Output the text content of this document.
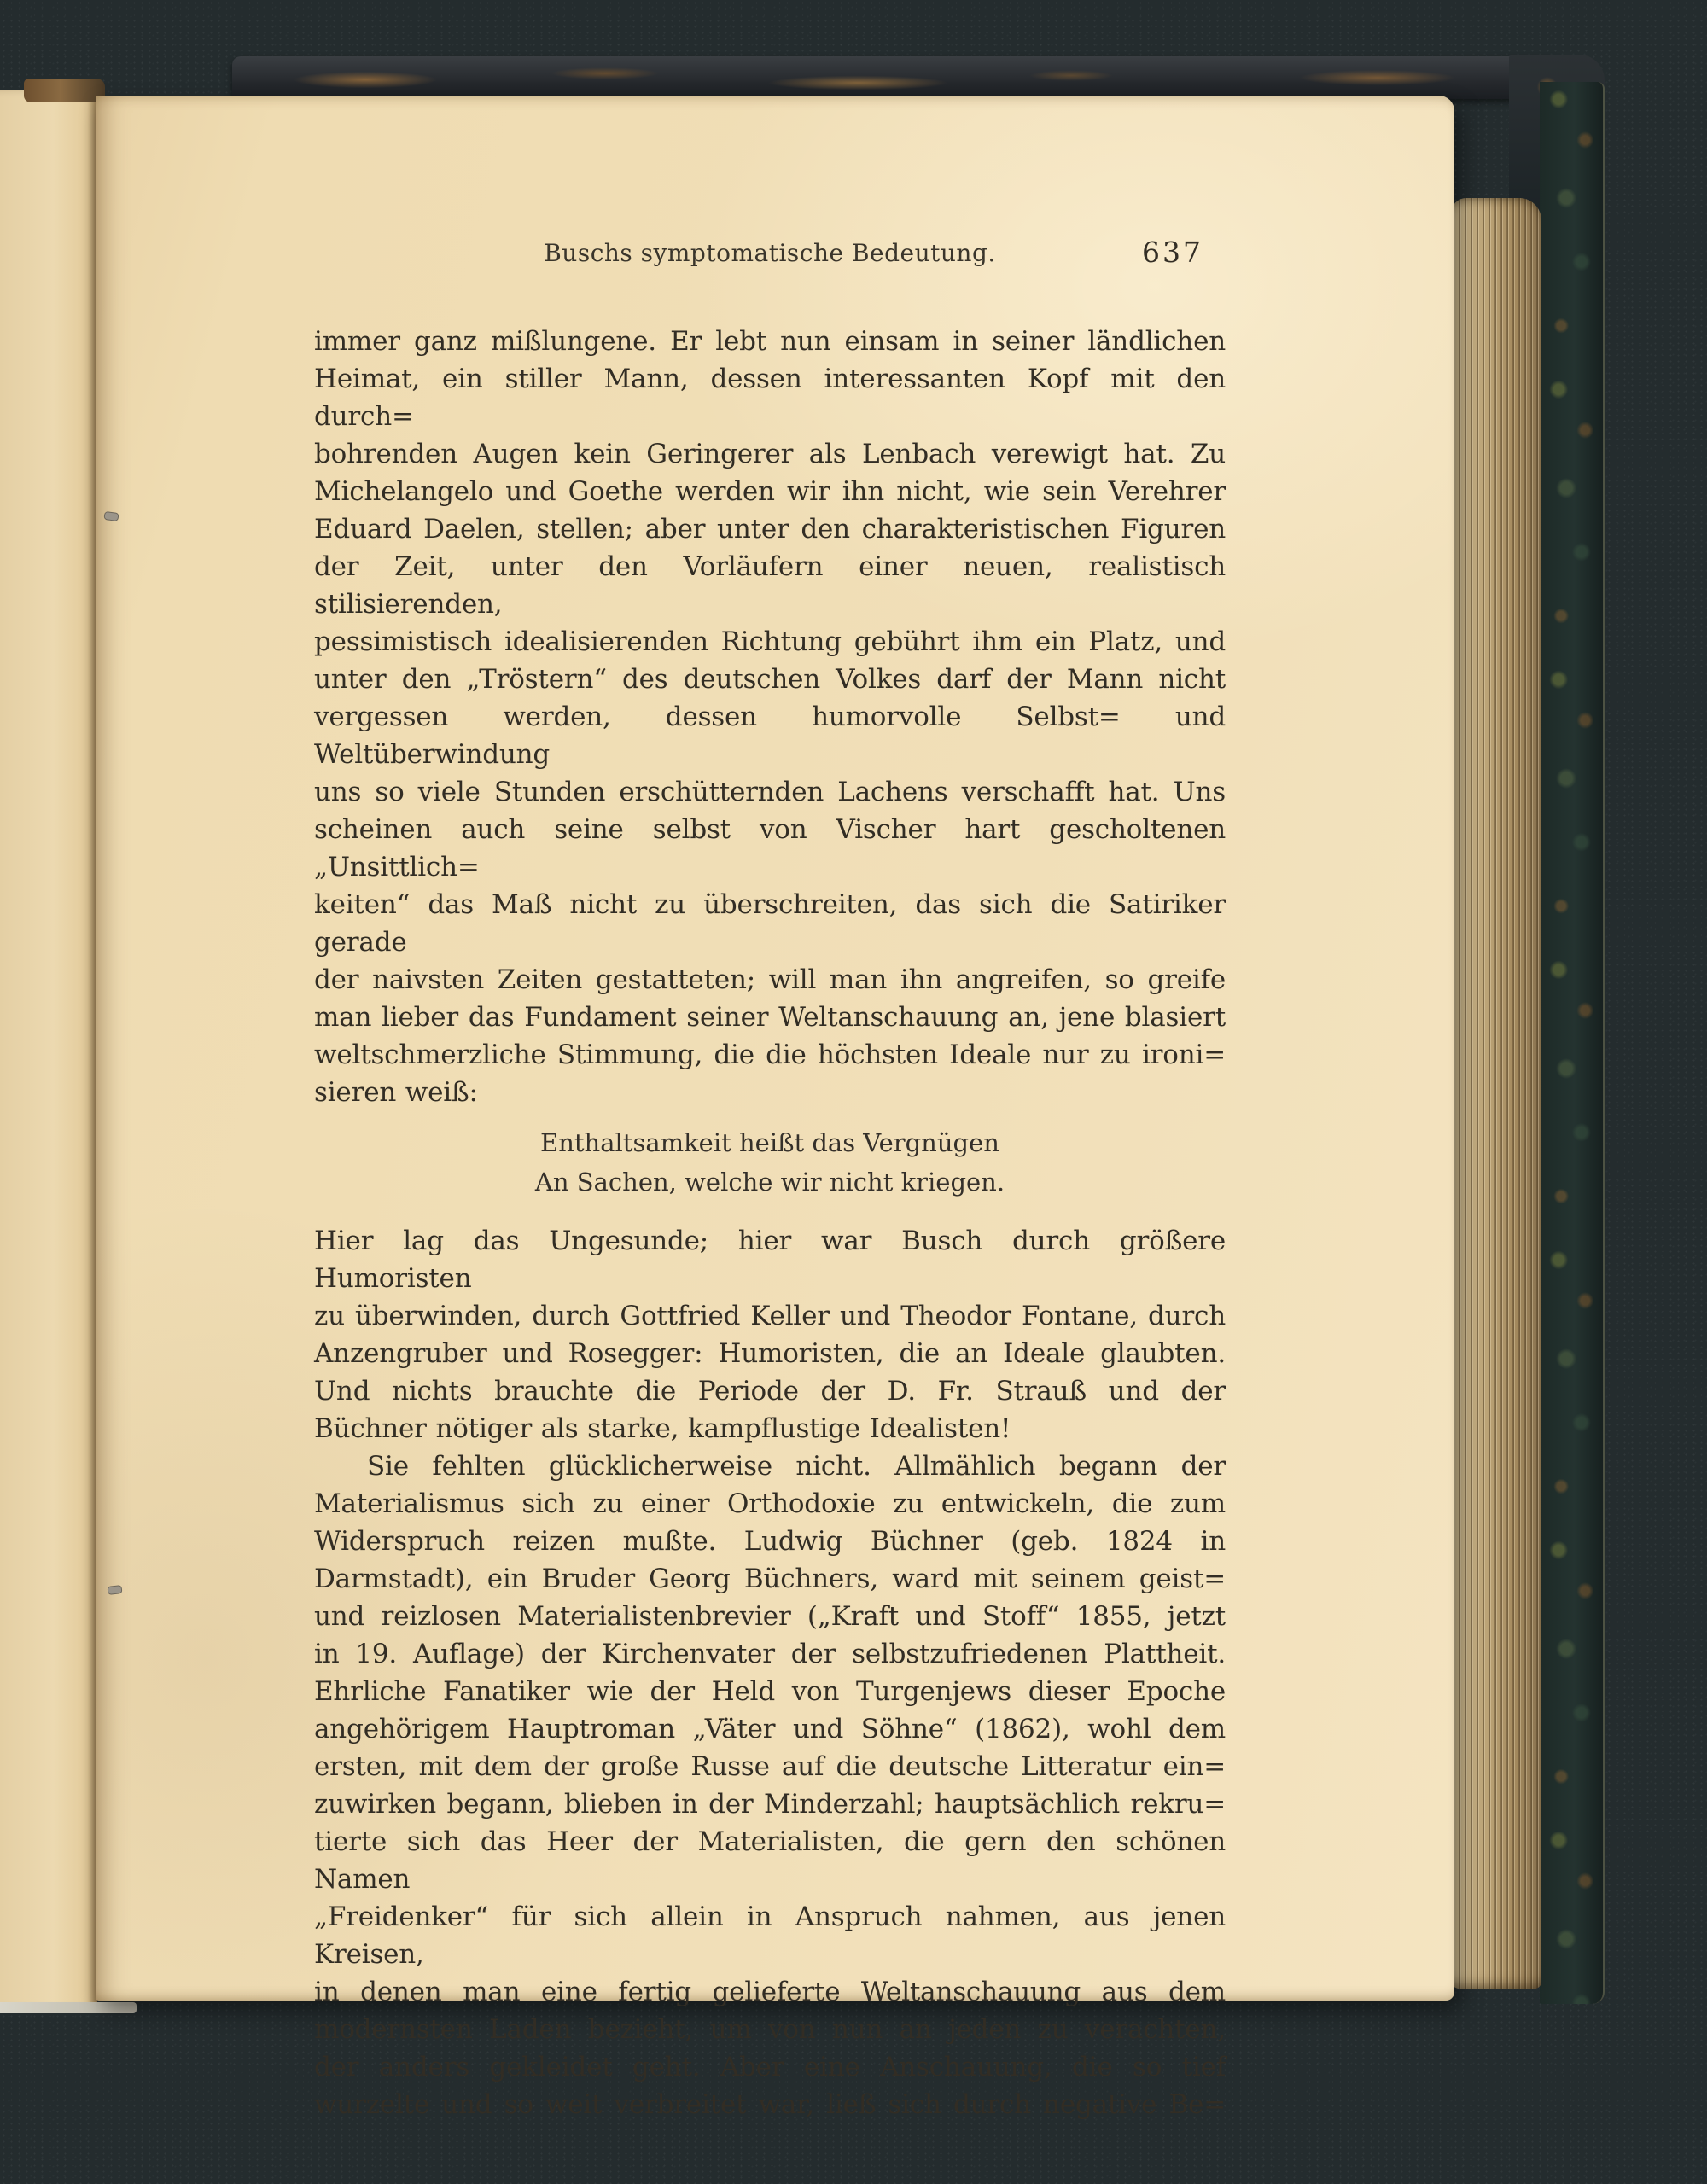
Buschs symptomatische Bedeutung.	637
immer ganz mißlungene. Er lebt nun einsam in seiner ländlichen
Heimat, ein stiller Mann, dessen interessanten Kopf mit den durch=
bohrenden Augen kein Geringerer als Lenbach verewigt hat. Zu
Michelangelo und Goethe werden wir ihn nicht, wie sein Verehrer
Eduard Daelen, stellen; aber unter den charakteristischen Figuren
der Zeit, unter den Vorläufern einer neuen, realistisch stilisierenden,
pessimistisch idealisierenden Richtung gebührt ihm ein Platz, und
unter den „Tröstern“ des deutschen Volkes darf der Mann nicht
vergessen werden, dessen humorvolle Selbst= und Weltüberwindung
uns so viele Stunden erschütternden Lachens verschafft hat. Uns
scheinen auch seine selbst von Vischer hart gescholtenen „Unsittlich=
keiten“ das Maß nicht zu überschreiten, das sich die Satiriker gerade
der naivsten Zeiten gestatteten; will man ihn angreifen, so greife
man lieber das Fundament seiner Weltanschauung an, jene blasiert
weltschmerzliche Stimmung, die die höchsten Ideale nur zu ironi=
sieren weiß:
Enthaltsamkeit heißt das Vergnügen
An Sachen, welche wir nicht kriegen.
Hier lag das Ungesunde; hier war Busch durch größere Humoristen
zu überwinden, durch Gottfried Keller und Theodor Fontane, durch
Anzengruber und Rosegger: Humoristen, die an Ideale glaubten.
Und nichts brauchte die Periode der D. Fr. Strauß und der
Büchner nötiger als starke, kampflustige Idealisten!
Sie fehlten glücklicherweise nicht. Allmählich begann der
Materialismus sich zu einer Orthodoxie zu entwickeln, die zum
Widerspruch reizen mußte. Ludwig Büchner (geb. 1824 in
Darmstadt), ein Bruder Georg Büchners, ward mit seinem geist=
und reizlosen Materialistenbrevier („Kraft und Stoff“ 1855, jetzt
in 19. Auflage) der Kirchenvater der selbstzufriedenen Plattheit.
Ehrliche Fanatiker wie der Held von Turgenjews dieser Epoche
angehörigem Hauptroman „Väter und Söhne“ (1862), wohl dem
ersten, mit dem der große Russe auf die deutsche Litteratur ein=
zuwirken begann, blieben in der Minderzahl; hauptsächlich rekru=
tierte sich das Heer der Materialisten, die gern den schönen Namen
„Freidenker“ für sich allein in Anspruch nahmen, aus jenen Kreisen,
in denen man eine fertig gelieferte Weltanschauung aus dem
modernsten Laden bezieht, um von nun an jeden zu verachten,
der anders gekleidet geht. Aber eine Anschauung, die so tief
wurzelte und so weit verbreitet war, ließ sich durch negative Be=
